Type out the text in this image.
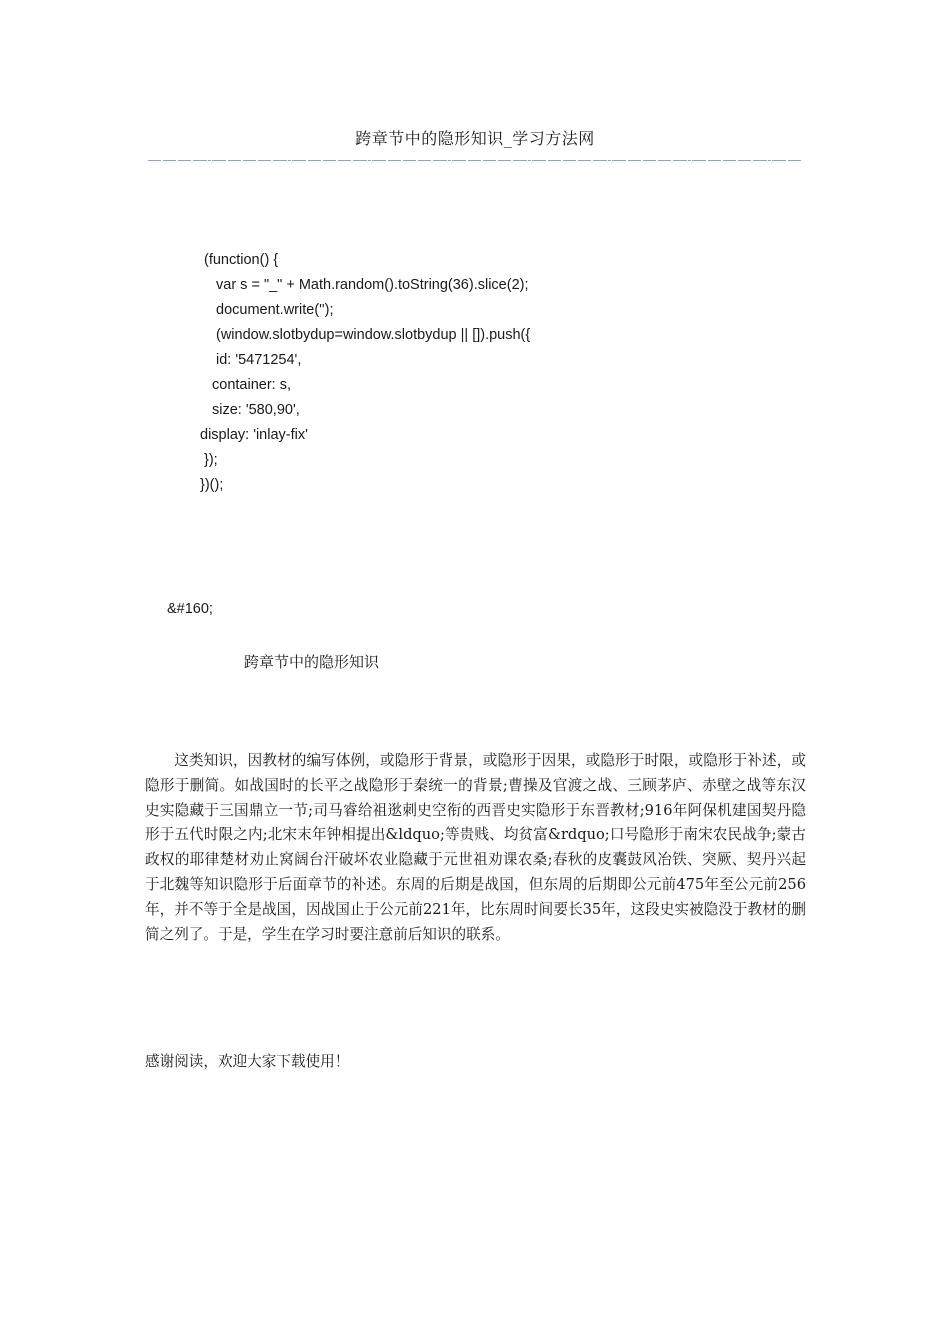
跨章节中的隐形知识_学习方法网
(function() {
var s = "_" + Math.random().toString(36).slice(2);
document.write('');
(window.slotbydup=window.slotbydup || []).push({
id: '5471254',
container: s,
size: '580,90',
display: 'inlay-fix'
});
})();
&#160;
跨章节中的隐形知识

这类知识，因教材的编写体例，或隐形于背景，或隐形于因果，或隐形于时限，或隐形于补述，或隐形于删简。如战国时的长平之战隐形于秦统一的背景;曹操及官渡之战、三顾茅庐、赤壁之战等东汉史实隐藏于三国鼎立一节;司马睿给祖逖刺史空衔的西晋史实隐形于东晋教材;916年阿保机建国契丹隐形于五代时限之内;北宋末年钟相提出&ldquo;等贵贱、均贫富&rdquo;口号隐形于南宋农民战争;蒙古政权的耶律楚材劝止窝阔台汗破坏农业隐藏于元世祖劝课农桑;春秋的皮囊鼓风冶铁、突厥、契丹兴起于北魏等知识隐形于后面章节的补述。东周的后期是战国，但东周的后期即公元前475年至公元前256年，并不等于全是战国，因战国止于公元前221年，比东周时间要长35年，这段史实被隐没于教材的删简之列了。于是，学生在学习时要注意前后知识的联系。

感谢阅读，欢迎大家下载使用！
